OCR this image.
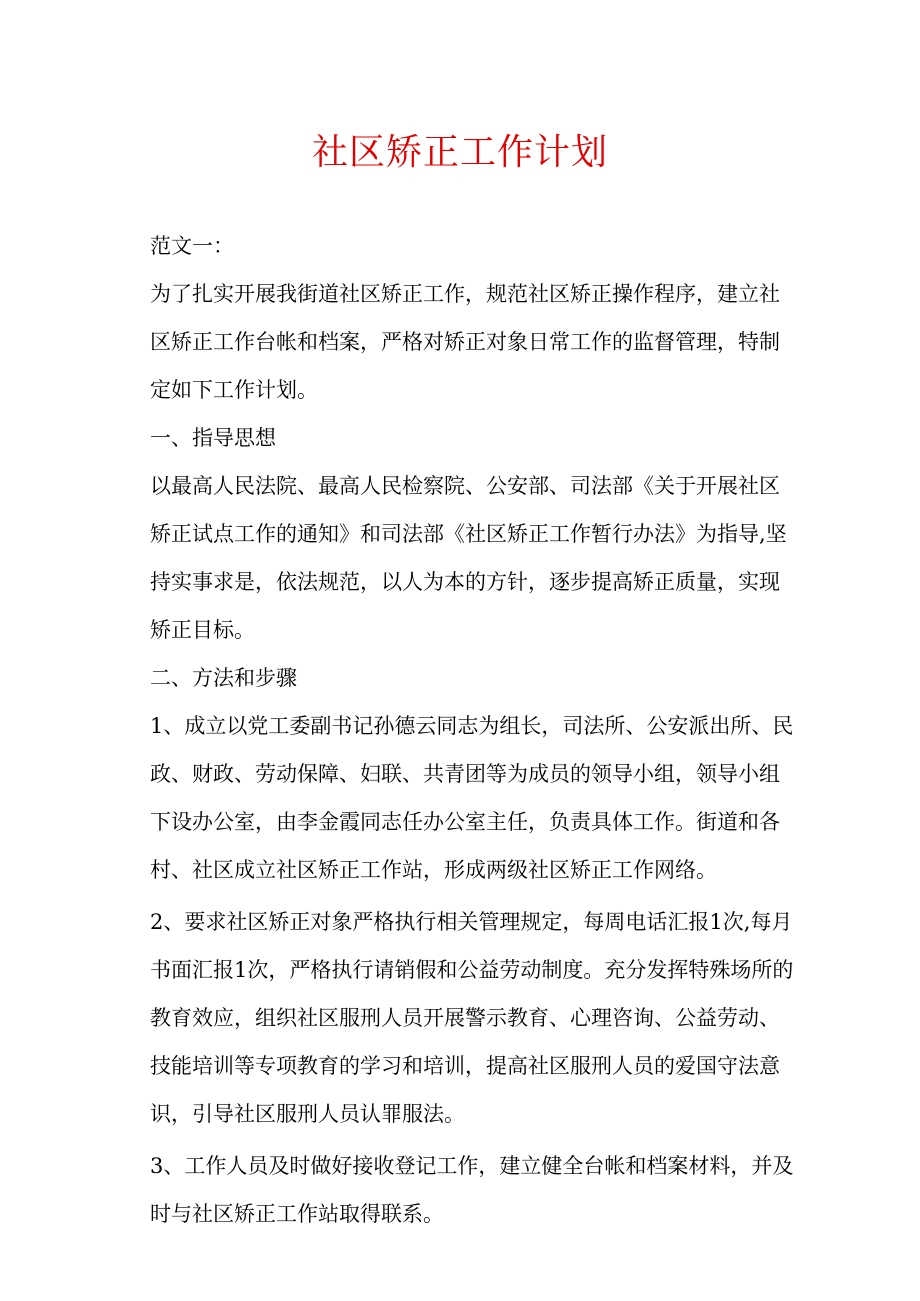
社区矫正工作计划

范文一：

为了扎实开展我街道社区矫正工作，规范社区矫正操作程序，建立社区矫正工作台帐和档案，严格对矫正对象日常工作的监督管理，特制定如下工作计划。

一、指导思想

以最高人民法院、最高人民检察院、公安部、司法部《关于开展社区矫正试点工作的通知》和司法部《社区矫正工作暂行办法》为指导,坚持实事求是，依法规范，以人为本的方针，逐步提高矫正质量，实现矫正目标。

二、方法和步骤

1、成立以党工委副书记孙德云同志为组长，司法所、公安派出所、民政、财政、劳动保障、妇联、共青团等为成员的领导小组，领导小组下设办公室，由李金霞同志任办公室主任，负责具体工作。街道和各村、社区成立社区矫正工作站，形成两级社区矫正工作网络。

2、要求社区矫正对象严格执行相关管理规定，每周电话汇报1次,每月书面汇报1次，严格执行请销假和公益劳动制度。充分发挥特殊场所的教育效应，组织社区服刑人员开展警示教育、心理咨询、公益劳动、技能培训等专项教育的学习和培训，提高社区服刑人员的爱国守法意识，引导社区服刑人员认罪服法。

3、工作人员及时做好接收登记工作，建立健全台帐和档案材料，并及时与社区矫正工作站取得联系。
